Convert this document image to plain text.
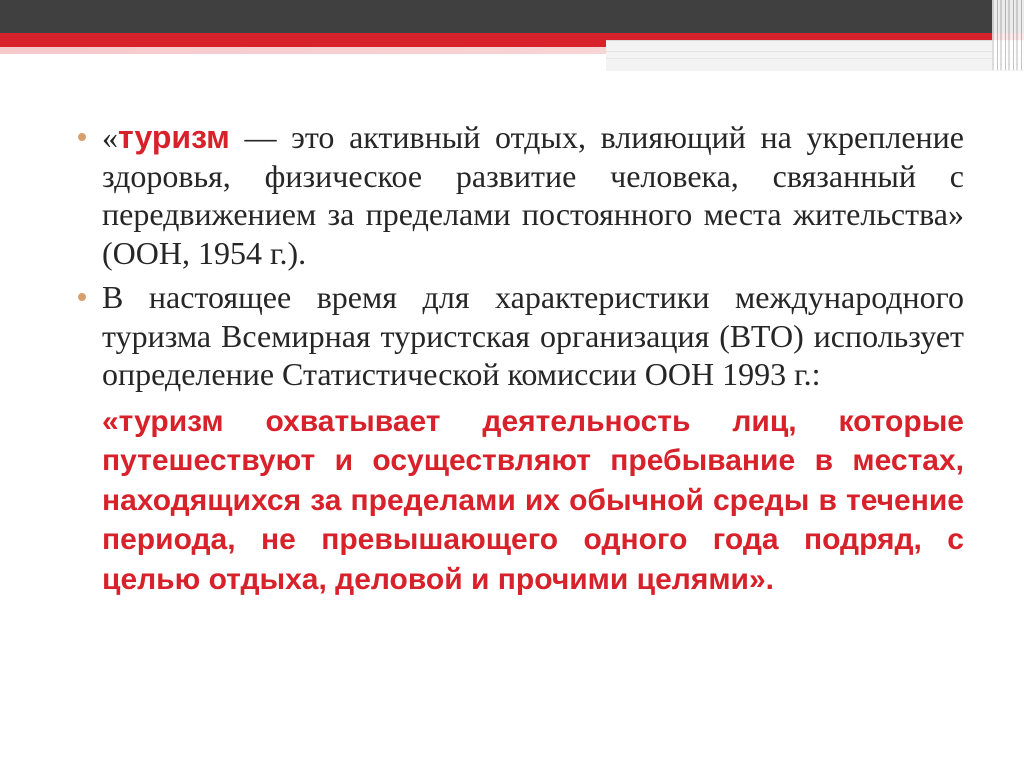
«туризм — это активный отдых, влияющий на укрепление здоровья, физическое развитие человека, связанный с передвижением за пределами постоянного места жительства» (ООН, 1954 г.).
В настоящее время для характеристики международного туризма Всемирная туристская организация (ВТО) использует определение Статистической комиссии ООН 1993 г.:
«туризм охватывает деятельность лиц, которые путешествуют и осуществляют пребывание в местах, находящихся за пределами их обычной среды в течение периода, не превышающего одного года подряд, с целью отдыха, деловой и прочими целями».
